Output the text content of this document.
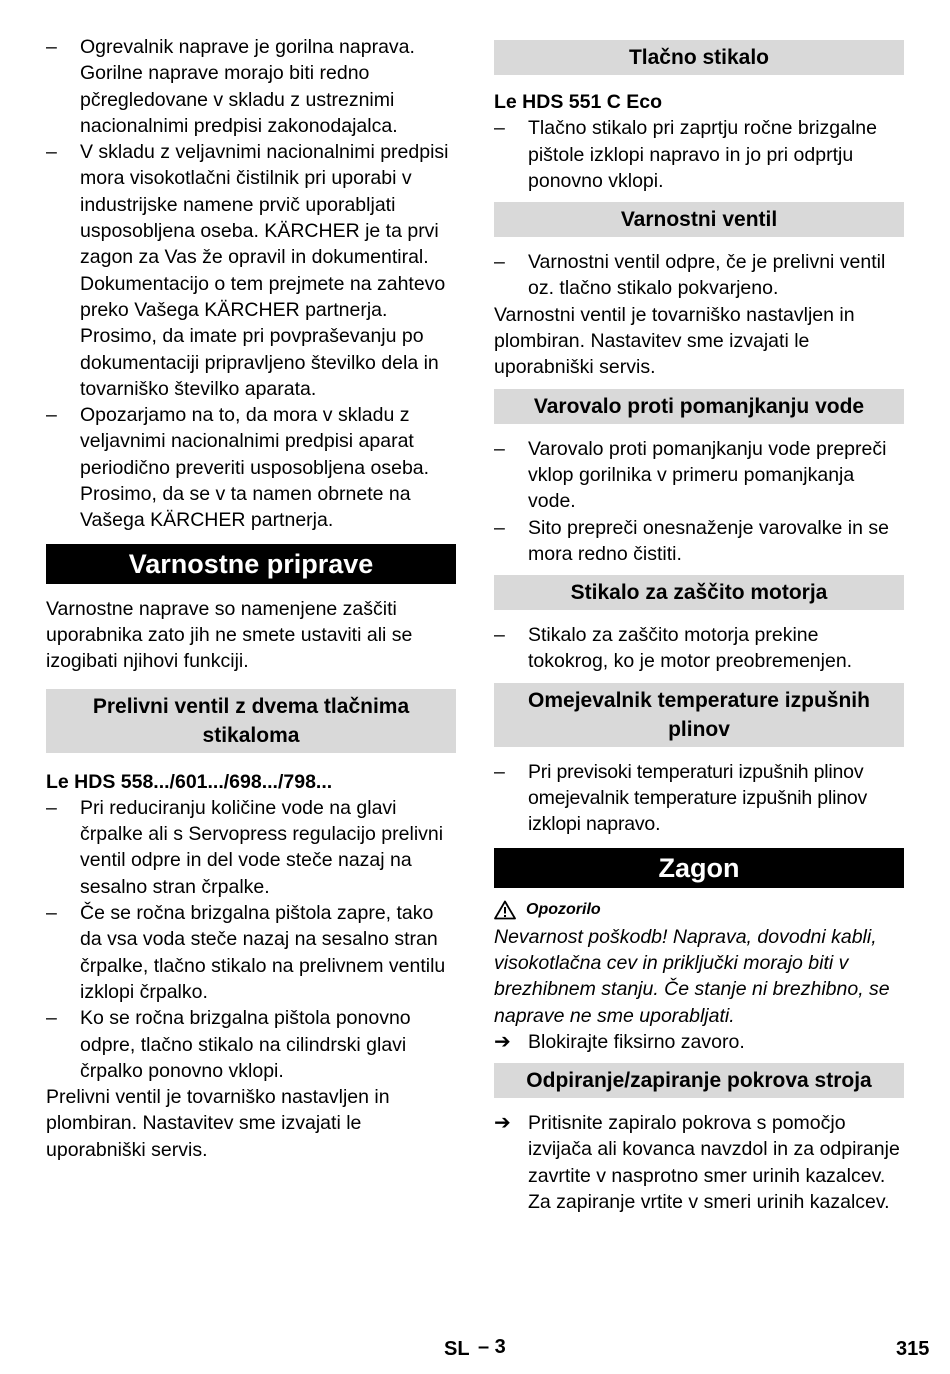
– Ogrevalnik naprave je gorilna naprava. Gorilne naprave morajo biti redno pčregledovane v skladu z ustreznimi nacionalnimi predpisi zakonodajalca.
– V skladu z veljavnimi nacionalnimi predpisi mora visokotlačni čistilnik pri uporabi v industrijske namene prvič uporabljati usposobljena oseba. KÄRCHER je ta prvi zagon za Vas že opravil in dokumentiral. Dokumentacijo o tem prejmete na zahtevo preko Vašega KÄRCHER partnerja. Prosimo, da imate pri povpraševanju po dokumentaciji pripravljeno številko dela in tovarniško številko aparata.
– Opozarjamo na to, da mora v skladu z veljavnimi nacionalnimi predpisi aparat periodično preveriti usposobljena oseba. Prosimo, da se v ta namen obrnete na Vašega KÄRCHER partnerja.
Varnostne priprave

Varnostne naprave so namenjene zaščiti uporabnika zato jih ne smete ustaviti ali se izogibati njihovi funkciji.

Prelivni ventil z dvema tlačnima stikaloma
Le HDS 558.../601.../698.../798...
– Pri reduciranju količine vode na glavi črpalke ali s Servopress regulacijo prelivni ventil odpre in del vode steče nazaj na sesalno stran črpalke.
– Če se ročna brizgalna pištola zapre, tako da vsa voda steče nazaj na sesalno stran črpalke, tlačno stikalo na prelivnem ventilu izklopi črpalko.
– Ko se ročna brizgalna pištola ponovno odpre, tlačno stikalo na cilindrski glavi črpalko ponovno vklopi.

Prelivni ventil je tovarniško nastavljen in plombiran. Nastavitev sme izvajati le uporabniški servis.

Tlačno stikalo
Le HDS 551 C Eco
– Tlačno stikalo pri zaprtju ročne brizgalne pištole izklopi napravo in jo pri odprtju ponovno vklopi.
Varnostni ventil
– Varnostni ventil odpre, če je prelivni ventil oz. tlačno stikalo pokvarjeno.

Varnostni ventil je tovarniško nastavljen in plombiran. Nastavitev sme izvajati le uporabniški servis.

Varovalo proti pomanjkanju vode
– Varovalo proti pomanjkanju vode prepreči vklop gorilnika v primeru pomanjkanja vode.
– Sito prepreči onesnaženje varovalke in se mora redno čistiti.
Stikalo za zaščito motorja
– Stikalo za zaščito motorja prekine tokokrog, ko je motor preobremenjen.
Omejevalnik temperature izpušnih plinov
– Pri previsoki temperaturi izpušnih plinov omejevalnik temperature izpušnih plinov izklopi napravo.
Zagon
Opozorilo

Nevarnost poškodb! Naprava, dovodni kabli, visokotlačna cev in priključki morajo biti v brezhibnem stanju. Če stanje ni brezhibno, se naprave ne sme uporabljati.

➔ Blokirajte fiksirno zavoro.
Odpiranje/zapiranje pokrova stroja
➔ Pritisnite zapiralo pokrova s pomočjo izvijača ali kovanca navzdol in za odpiranje zavrtite v nasprotno smer urinih kazalcev. Za zapiranje vrtite v smeri urinih kazalcev.
SL – 3	315
